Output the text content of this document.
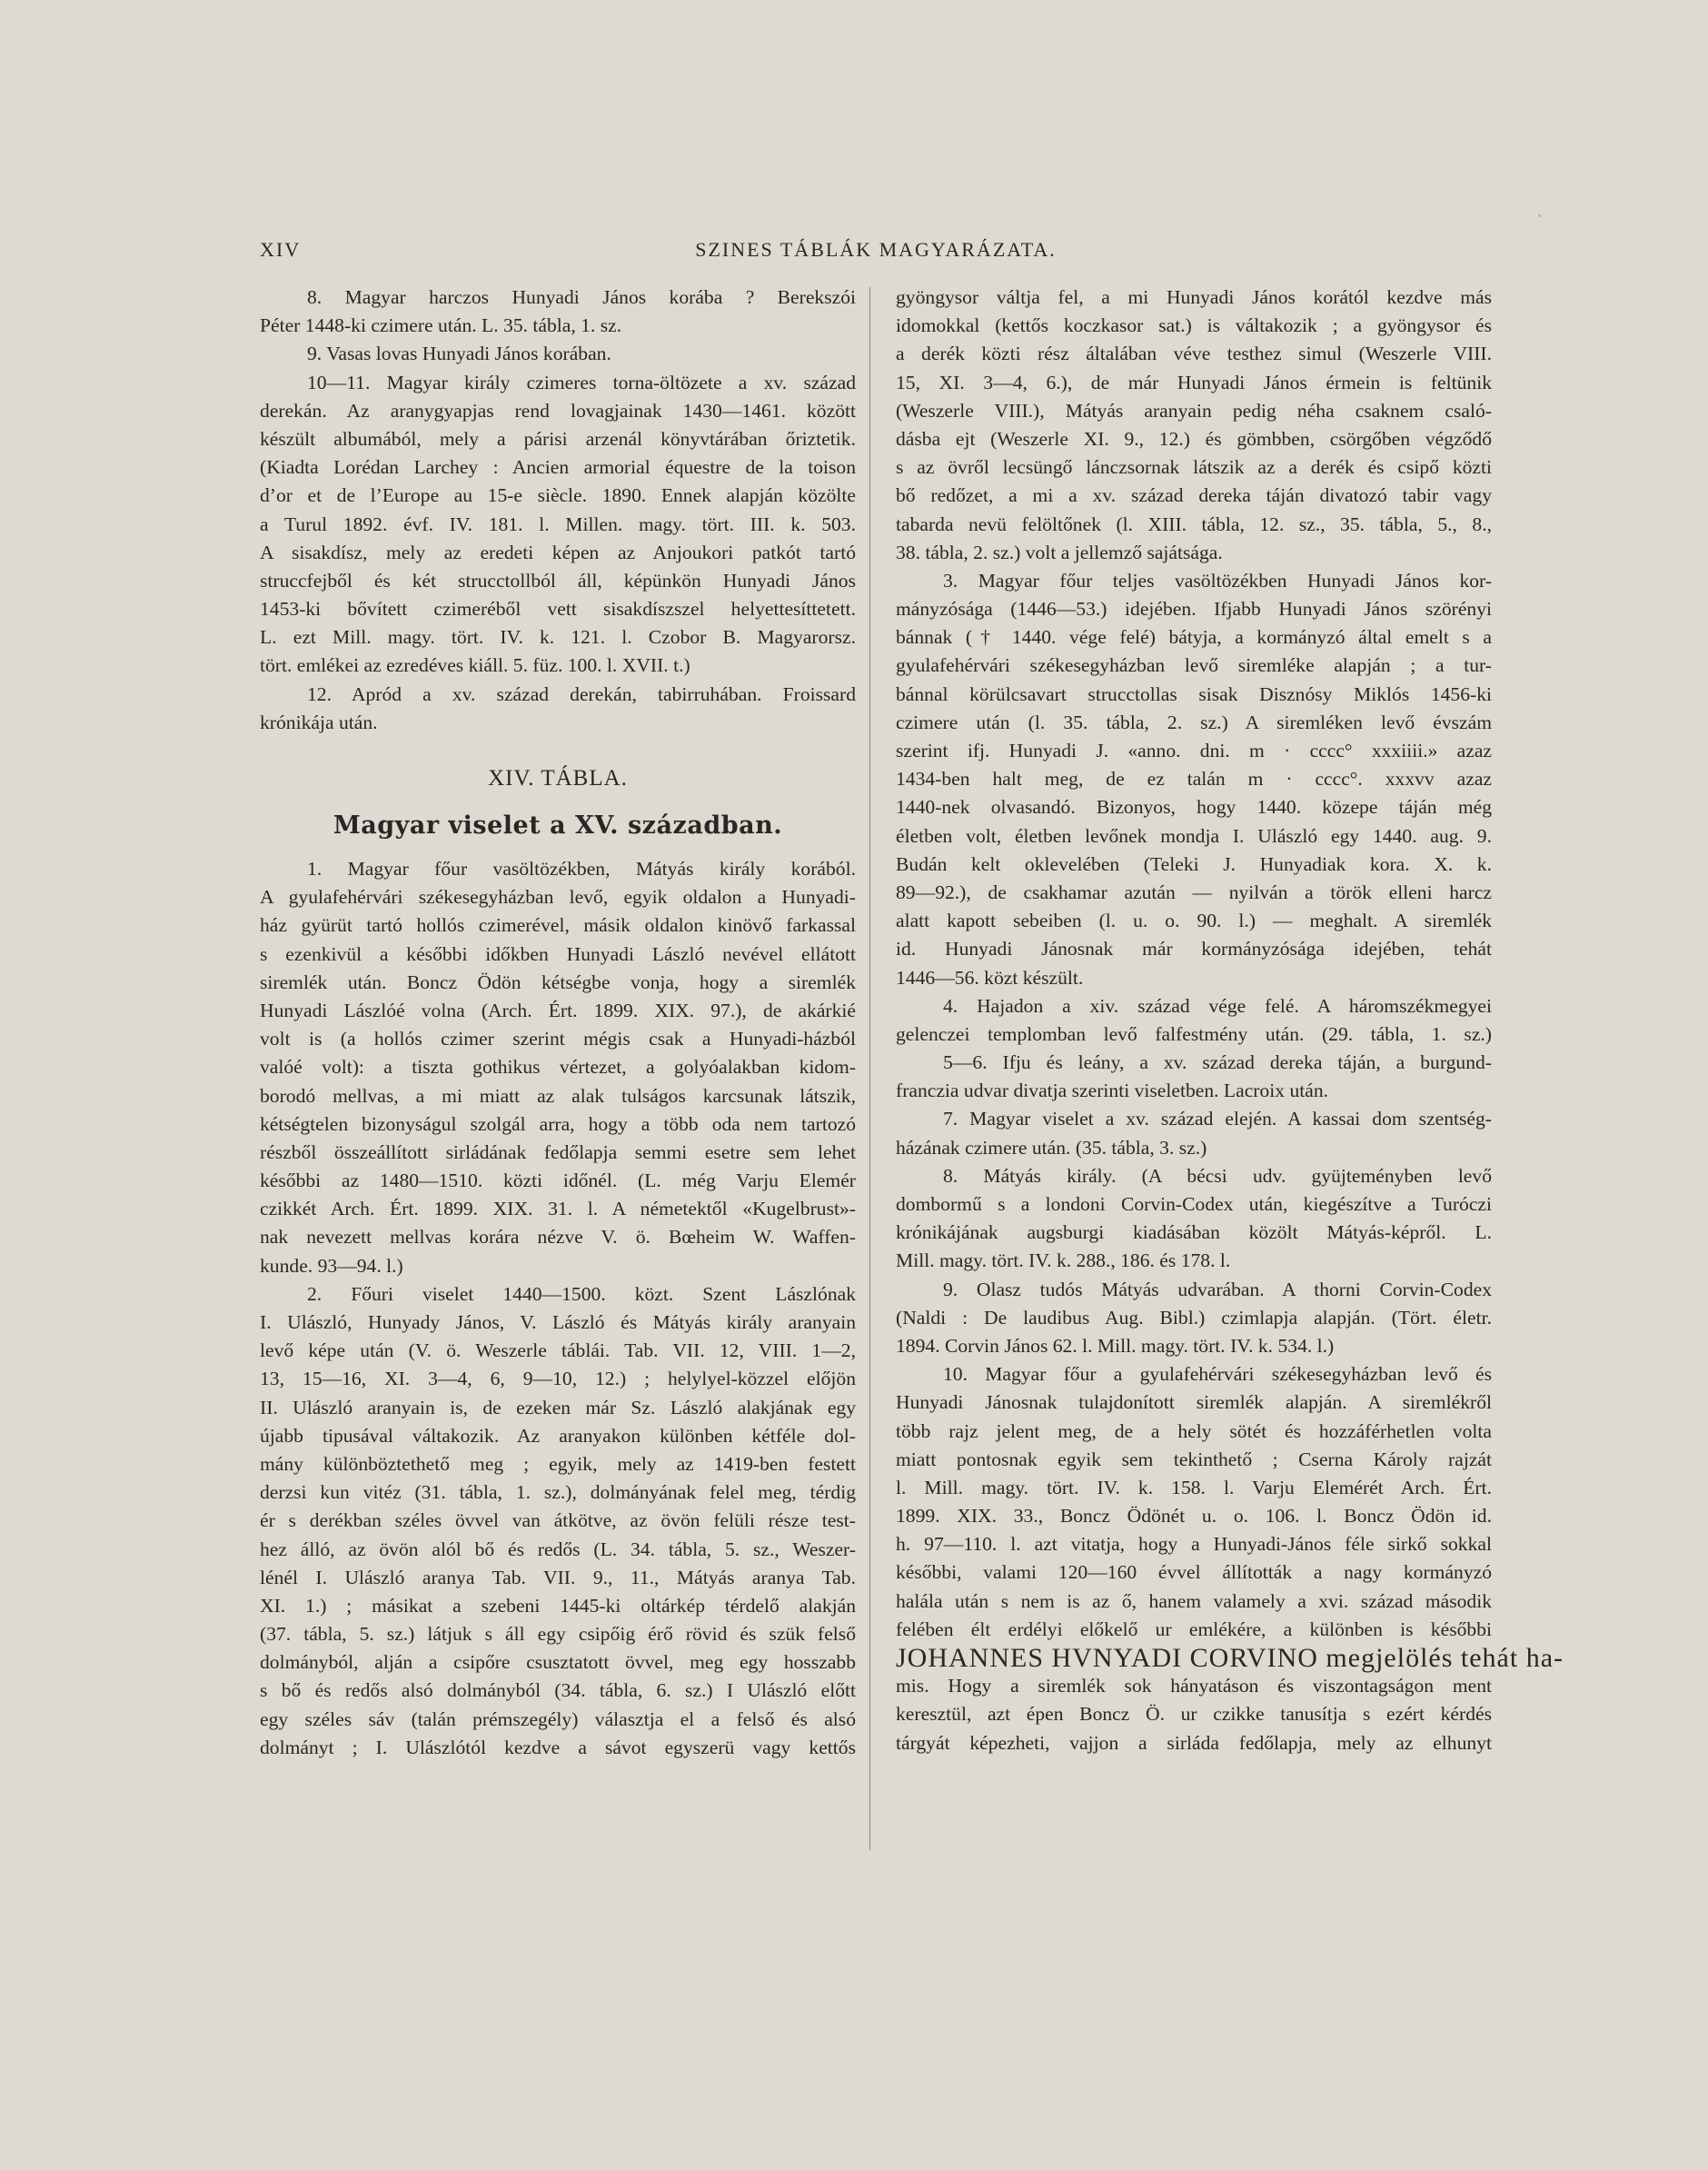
XIV	SZINES TÁBLÁK MAGYARÁZATA.
8. Magyar harczos Hunyadi János korába ? Berekszói
Péter 1448-ki czimere után. L. 35. tábla, 1. sz.
9. Vasas lovas Hunyadi János korában.
10—11. Magyar király czimeres torna-öltözete a xv. század
derekán. Az aranygyapjas rend lovagjainak 1430—1461. között
készült albumából, mely a párisi arzenál könyvtárában őriztetik.
(Kiadta Lorédan Larchey : Ancien armorial équestre de la toison
d’or et de l’Europe au 15-e siècle. 1890. Ennek alapján közölte
a Turul 1892. évf. IV. 181. l. Millen. magy. tört. III. k. 503.
A sisakdísz, mely az eredeti képen az Anjoukori patkót tartó
struccfejből és két strucctollból áll, képünkön Hunyadi János
1453-ki bővített czimeréből vett sisakdíszszel helyettesíttetett.
L. ezt Mill. magy. tört. IV. k. 121. l. Czobor B. Magyarorsz.
tört. emlékei az ezredéves kiáll. 5. füz. 100. l. XVII. t.)
12. Apród a xv. század derekán, tabirruhában. Froissard
krónikája után.
XIV. TÁBLA.
Magyar viselet a XV. században.
1. Magyar főur vasöltözékben, Mátyás király korából.
A gyulafehérvári székesegyházban levő, egyik oldalon a Hunyadi-
ház gyürüt tartó hollós czimerével, másik oldalon kinövő farkassal
s ezenkivül a későbbi időkben Hunyadi László nevével ellátott
siremlék után. Boncz Ödön kétségbe vonja, hogy a siremlék
Hunyadi Lászlóé volna (Arch. Ért. 1899. XIX. 97.), de akárkié
volt is (a hollós czimer szerint mégis csak a Hunyadi-házból
valóé volt): a tiszta gothikus vértezet, a golyóalakban kidom-
borodó mellvas, a mi miatt az alak tulságos karcsunak látszik,
kétségtelen bizonyságul szolgál arra, hogy a több oda nem tartozó
részből összeállított sirládának fedőlapja semmi esetre sem lehet
későbbi az 1480—1510. közti időnél. (L. még Varju Elemér
czikkét Arch. Ért. 1899. XIX. 31. l. A németektől «Kugelbrust»-
nak nevezett mellvas korára nézve V. ö. Bœheim W. Waffen-
kunde. 93—94. l.)
2. Főuri viselet 1440—1500. közt. Szent Lászlónak
I. Ulászló, Hunyady János, V. László és Mátyás király aranyain
levő képe után (V. ö. Weszerle táblái. Tab. VII. 12, VIII. 1—2,
13, 15—16, XI. 3—4, 6, 9—10, 12.) ; helylyel-közzel előjön
II. Ulászló aranyain is, de ezeken már Sz. László alakjának egy
újabb tipusával váltakozik. Az aranyakon különben kétféle dol-
mány különböztethető meg ; egyik, mely az 1419-ben festett
derzsi kun vitéz (31. tábla, 1. sz.), dolmányának felel meg, térdig
ér s derékban széles övvel van átkötve, az övön felüli része test-
hez álló, az övön alól bő és redős (L. 34. tábla, 5. sz., Weszer-
lénél I. Ulászló aranya Tab. VII. 9., 11., Mátyás aranya Tab.
XI. 1.) ; másikat a szebeni 1445-ki oltárkép térdelő alakján
(37. tábla, 5. sz.) látjuk s áll egy csipőig érő rövid és szük felső
dolmányból, alján a csipőre csusztatott övvel, meg egy hosszabb
s bő és redős alsó dolmányból (34. tábla, 6. sz.) I Ulászló előtt
egy széles sáv (talán prémszegély) választja el a felső és alsó
dolmányt ; I. Ulászlótól kezdve a sávot egyszerü vagy kettős
gyöngysor váltja fel, a mi Hunyadi János korától kezdve más
idomokkal (kettős koczkasor sat.) is váltakozik ; a gyöngysor és
a derék közti rész általában véve testhez simul (Weszerle VIII.
15, XI. 3—4, 6.), de már Hunyadi János érmein is feltünik
(Weszerle VIII.), Mátyás aranyain pedig néha csaknem csaló-
dásba ejt (Weszerle XI. 9., 12.) és gömbben, csörgőben végződő
s az övről lecsüngő lánczsornak látszik az a derék és csipő közti
bő redőzet, a mi a xv. század dereka táján divatozó tabir vagy
tabarda nevü felöltőnek (l. XIII. tábla, 12. sz., 35. tábla, 5., 8.,
38. tábla, 2. sz.) volt a jellemző sajátsága.
3. Magyar főur teljes vasöltözékben Hunyadi János kor-
mányzósága (1446—53.) idejében. Ifjabb Hunyadi János szörényi
bánnak († 1440. vége felé) bátyja, a kormányzó által emelt s a
gyulafehérvári székesegyházban levő siremléke alapján ; a tur-
bánnal körülcsavart strucctollas sisak Disznósy Miklós 1456-ki
czimere után (l. 35. tábla, 2. sz.) A siremléken levő évszám
szerint ifj. Hunyadi J. «anno. dni. m · cccc° xxxiiii.» azaz
1434-ben halt meg, de ez talán m · cccc°. xxxvv azaz
1440-nek olvasandó. Bizonyos, hogy 1440. közepe táján még
életben volt, életben levőnek mondja I. Ulászló egy 1440. aug. 9.
Budán kelt oklevelében (Teleki J. Hunyadiak kora. X. k.
89—92.), de csakhamar azután — nyilván a török elleni harcz
alatt kapott sebeiben (l. u. o. 90. l.) — meghalt. A siremlék
id. Hunyadi Jánosnak már kormányzósága idejében, tehát
1446—56. közt készült.
4. Hajadon a xiv. század vége felé. A háromszékmegyei
gelenczei templomban levő falfestmény után. (29. tábla, 1. sz.)
5—6. Ifju és leány, a xv. század dereka táján, a burgund-
franczia udvar divatja szerinti viseletben. Lacroix után.
7. Magyar viselet a xv. század elején. A kassai dom szentség-
házának czimere után. (35. tábla, 3. sz.)
8. Mátyás király. (A bécsi udv. gyüjteményben levő
dombormű s a londoni Corvin-Codex után, kiegészítve a Turóczi
krónikájának augsburgi kiadásában közölt Mátyás-képről. L.
Mill. magy. tört. IV. k. 288., 186. és 178. l.
9. Olasz tudós Mátyás udvarában. A thorni Corvin-Codex
(Naldi : De laudibus Aug. Bibl.) czimlapja alapján. (Tört. életr.
1894. Corvin János 62. l. Mill. magy. tört. IV. k. 534. l.)
10. Magyar főur a gyulafehérvári székesegyházban levő és
Hunyadi Jánosnak tulajdonított siremlék alapján. A siremlékről
több rajz jelent meg, de a hely sötét és hozzáférhetlen volta
miatt pontosnak egyik sem tekinthető ; Cserna Károly rajzát
l. Mill. magy. tört. IV. k. 158. l. Varju Elemérét Arch. Ért.
1899. XIX. 33., Boncz Ödönét u. o. 106. l. Boncz Ödön id.
h. 97—110. l. azt vitatja, hogy a Hunyadi-János féle sirkő sokkal
későbbi, valami 120—160 évvel állították a nagy kormányzó
halála után s nem is az ő, hanem valamely a xvi. század második
felében élt erdélyi előkelő ur emlékére, a különben is későbbi
JOHANNES HVNYADI CORVINO megjelölés tehát ha-
mis. Hogy a siremlék sok hányatáson és viszontagságon ment
keresztül, azt épen Boncz Ö. ur czikke tanusítja s ezért kérdés
tárgyát képezheti, vajjon a sirláda fedőlapja, mely az elhunyt
